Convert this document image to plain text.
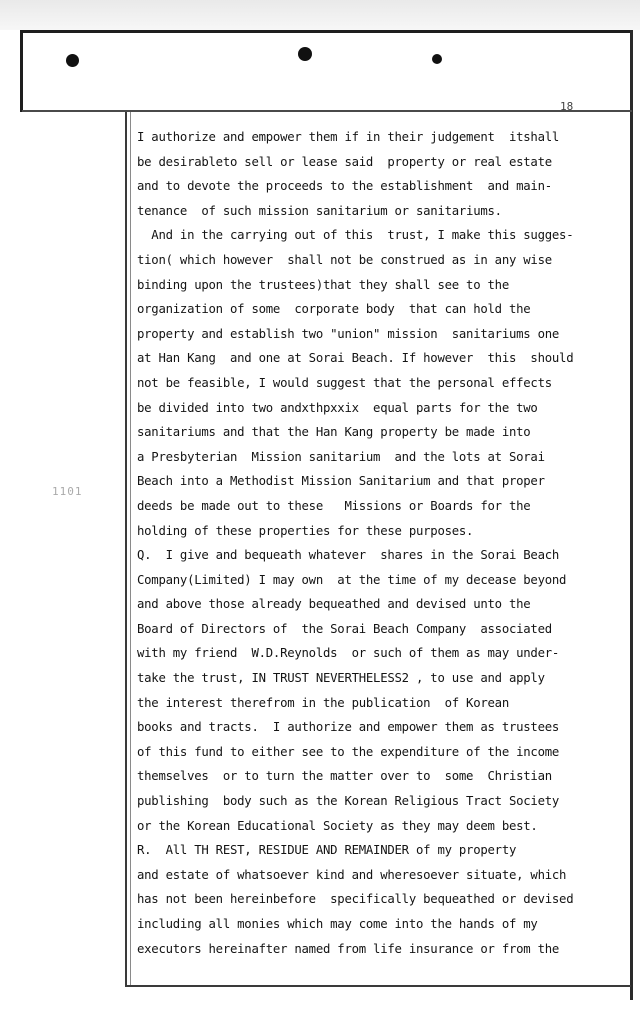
18
1101
I authorize and empower them if in their judgement  itshall
be desirableto sell or lease said  property or real estate
and to devote the proceeds to the establishment  and main-
tenance  of such mission sanitarium or sanitariums.
And in the carrying out of this  trust, I make this sugges-
tion( which however  shall not be construed as in any wise
binding upon the trustees)that they shall see to the
organization of some  corporate body  that can hold the
property and establish two "union" mission  sanitariums one
at Han Kang  and one at Sorai Beach. If however  this  should
not be feasible, I would suggest that the personal effects
be divided into two andxthpxxix  equal parts for the two
sanitariums and that the Han Kang property be made into
a Presbyterian  Mission sanitarium  and the lots at Sorai
Beach into a Methodist Mission Sanitarium and that proper
deeds be made out to these   Missions or Boards for the
holding of these properties for these purposes.
Q.  I give and bequeath whatever  shares in the Sorai Beach
Company(Limited) I may own  at the time of my decease beyond
and above those already bequeathed and devised unto the
Board of Directors of  the Sorai Beach Company  associated
with my friend  W.D.Reynolds  or such of them as may under-
take the trust, IN TRUST NEVERTHELESS2 , to use and apply
the interest therefrom in the publication  of Korean
books and tracts.  I authorize and empower them as trustees
of this fund to either see to the expenditure of the income
themselves  or to turn the matter over to  some  Christian
publishing  body such as the Korean Religious Tract Society
or the Korean Educational Society as they may deem best.
R.  All TH REST, RESIDUE AND REMAINDER of my property
and estate of whatsoever kind and wheresoever situate, which
has not been hereinbefore  specifically bequeathed or devised
including all monies which may come into the hands of my
executors hereinafter named from life insurance or from the
